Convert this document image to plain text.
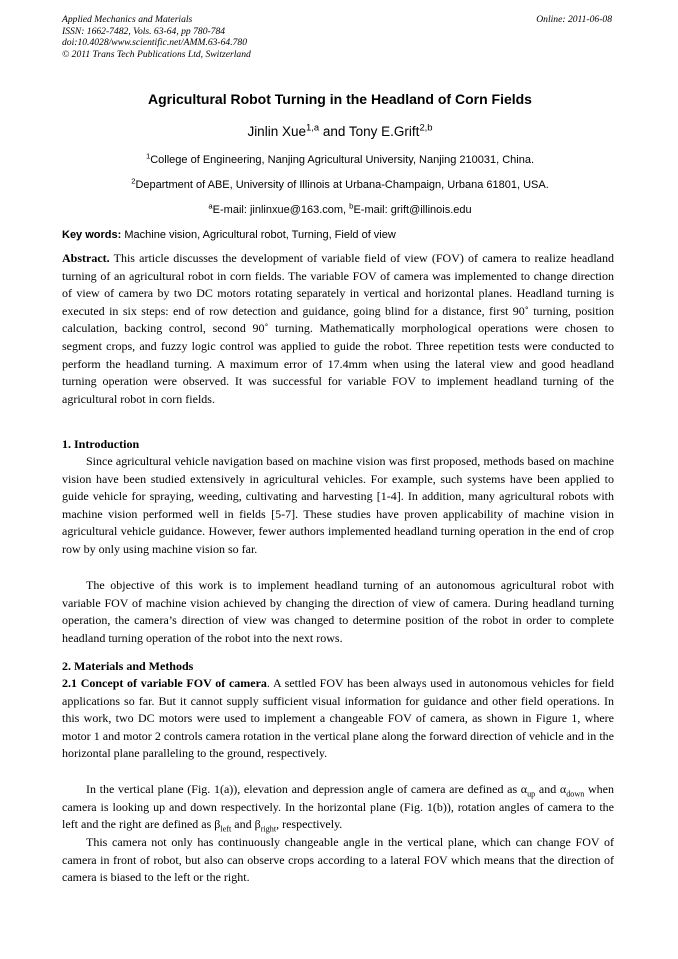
Applied Mechanics and Materials
ISSN: 1662-7482, Vols. 63-64, pp 780-784
doi:10.4028/www.scientific.net/AMM.63-64.780
© 2011 Trans Tech Publications Ltd, Switzerland
Online: 2011-06-08
Agricultural Robot Turning in the Headland of Corn Fields
Jinlin Xue$^{1,a}$ and Tony E.Grift$^{2,b}$
$^1$College of Engineering, Nanjing Agricultural University, Nanjing 210031, China.
$^2$Department of ABE, University of Illinois at Urbana-Champaign, Urbana 61801, USA.
$^a$E-mail: jinlinxue@163.com, $^b$E-mail: grift@illinois.edu
Key words: Machine vision, Agricultural robot, Turning, Field of view
Abstract. This article discusses the development of variable field of view (FOV) of camera to realize headland turning of an agricultural robot in corn fields. The variable FOV of camera was implemented to change direction of view of camera by two DC motors rotating separately in vertical and horizontal planes. Headland turning is executed in six steps: end of row detection and guidance, going blind for a distance, first 90˚ turning, position calculation, backing control, second 90˚ turning. Mathematically morphological operations were chosen to segment crops, and fuzzy logic control was applied to guide the robot. Three repetition tests were conducted to perform the headland turning. A maximum error of 17.4mm when using the lateral view and good headland turning operation were observed. It was successful for variable FOV to implement headland turning of the agricultural robot in corn fields.
1. Introduction
Since agricultural vehicle navigation based on machine vision was first proposed, methods based on machine vision have been studied extensively in agricultural vehicles. For example, such systems have been applied to guide vehicle for spraying, weeding, cultivating and harvesting [1-4]. In addition, many agricultural robots with machine vision performed well in fields [5-7]. These studies have proven applicability of machine vision in agricultural vehicle guidance. However, fewer authors implemented headland turning operation in the end of crop row by only using machine vision so far.
The objective of this work is to implement headland turning of an autonomous agricultural robot with variable FOV of machine vision achieved by changing the direction of view of camera. During headland turning operation, the camera’s direction of view was changed to determine position of the robot in order to complete headland turning operation of the robot into the next rows.
2. Materials and Methods
2.1 Concept of variable FOV of camera. A settled FOV has been always used in autonomous vehicles for field applications so far. But it cannot supply sufficient visual information for guidance and other field operations. In this work, two DC motors were used to implement a changeable FOV of camera, as shown in Figure 1, where motor 1 and motor 2 controls camera rotation in the vertical plane along the forward direction of vehicle and in the horizontal plane paralleling to the ground, respectively.
In the vertical plane (Fig. 1(a)), elevation and depression angle of camera are defined as $\alpha_{up}$ and $\alpha_{down}$ when camera is looking up and down respectively. In the horizontal plane (Fig. 1(b)), rotation angles of camera to the left and the right are defined as $\beta_{left}$ and $\beta_{right}$, respectively.
This camera not only has continuously changeable angle in the vertical plane, which can change FOV of camera in front of robot, but also can observe crops according to a lateral FOV which means that the direction of camera is biased to the left or the right.
